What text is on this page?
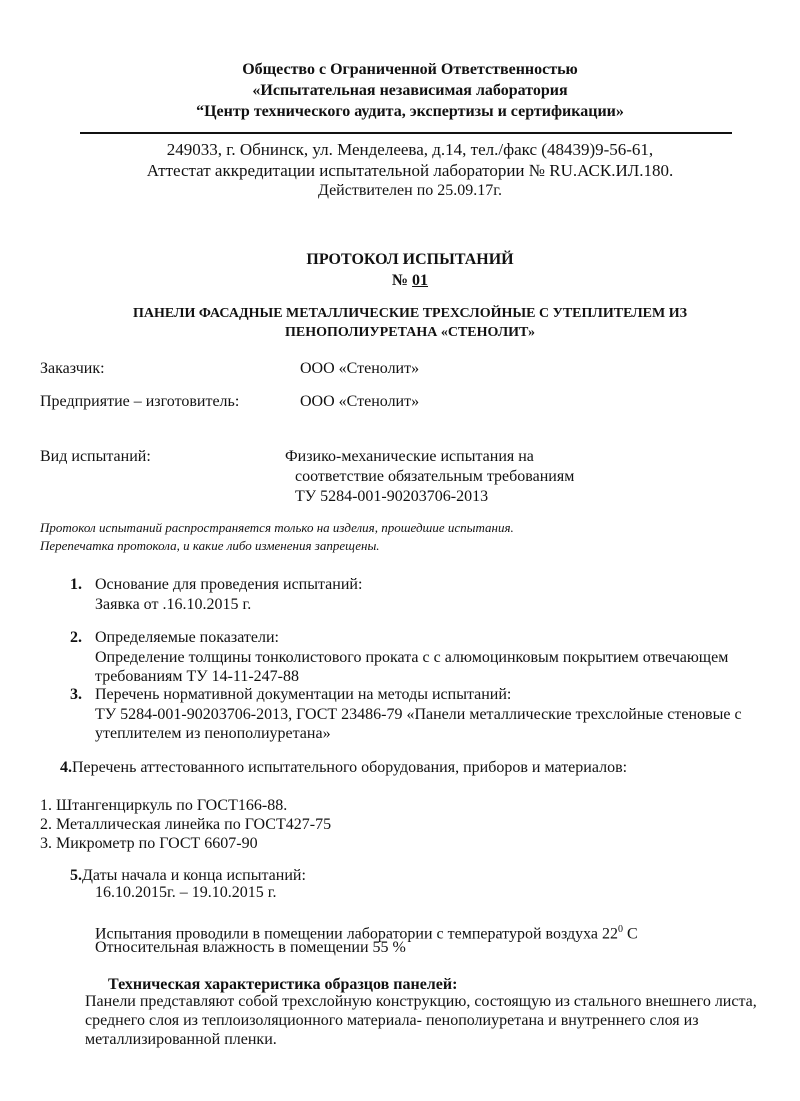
Общество с Ограниченной Ответственностью
«Испытательная независимая лаборатория
“Центр технического аудита, экспертизы и сертификации»
249033, г. Обнинск, ул. Менделеева, д.14, тел./факс (48439)9-56-61,
Аттестат аккредитации испытательной лаборатории № RU.АСК.ИЛ.180.
Действителен по 25.09.17г.
ПРОТОКОЛ ИСПЫТАНИЙ
№ 01
ПАНЕЛИ ФАСАДНЫЕ МЕТАЛЛИЧЕСКИЕ ТРЕХСЛОЙНЫЕ С УТЕПЛИТЕЛЕМ ИЗ
ПЕНОПОЛИУРЕТАНА «СТЕНОЛИТ»
Заказчик:	ООО «Стенолит»
Предприятие – изготовитель:	ООО «Стенолит»
Вид испытаний:	Физико-механические испытания на
соответствие обязательным требованиям
ТУ 5284-001-90203706-2013
Протокол испытаний распространяется только на изделия, прошедшие испытания.
Перепечатка протокола, и какие либо изменения запрещены.
1. Основание для проведения испытаний:
Заявка от .16.10.2015 г.
2. Определяемые показатели:
Определение толщины тонколистового проката с с алюмоцинковым покрытием отвечающем
требованиям ТУ 14-11-247-88
3. Перечень нормативной документации на методы испытаний:
ТУ 5284-001-90203706-2013, ГОСТ 23486-79 «Панели металлические трехслойные стеновые с
утеплителем из пенополиуретана»
4.Перечень аттестованного испытательного оборудования, приборов и материалов:
1. Штангенциркуль по ГОСТ166-88.
2. Металлическая линейка по ГОСТ427-75
3. Микрометр по ГОСТ 6607-90
5.Даты начала и конца испытаний:
16.10.2015г. – 19.10.2015 г.
Испытания проводили в помещении лаборатории с температурой воздуха $22^0$ С
Относительная влажность в помещении 55 %
Техническая характеристика образцов панелей:
Панели представляют собой трехслойную конструкцию, состоящую из стального внешнего листа,
среднего слоя из теплоизоляционного материала- пенополиуретана и внутреннего слоя из
металлизированной пленки.
